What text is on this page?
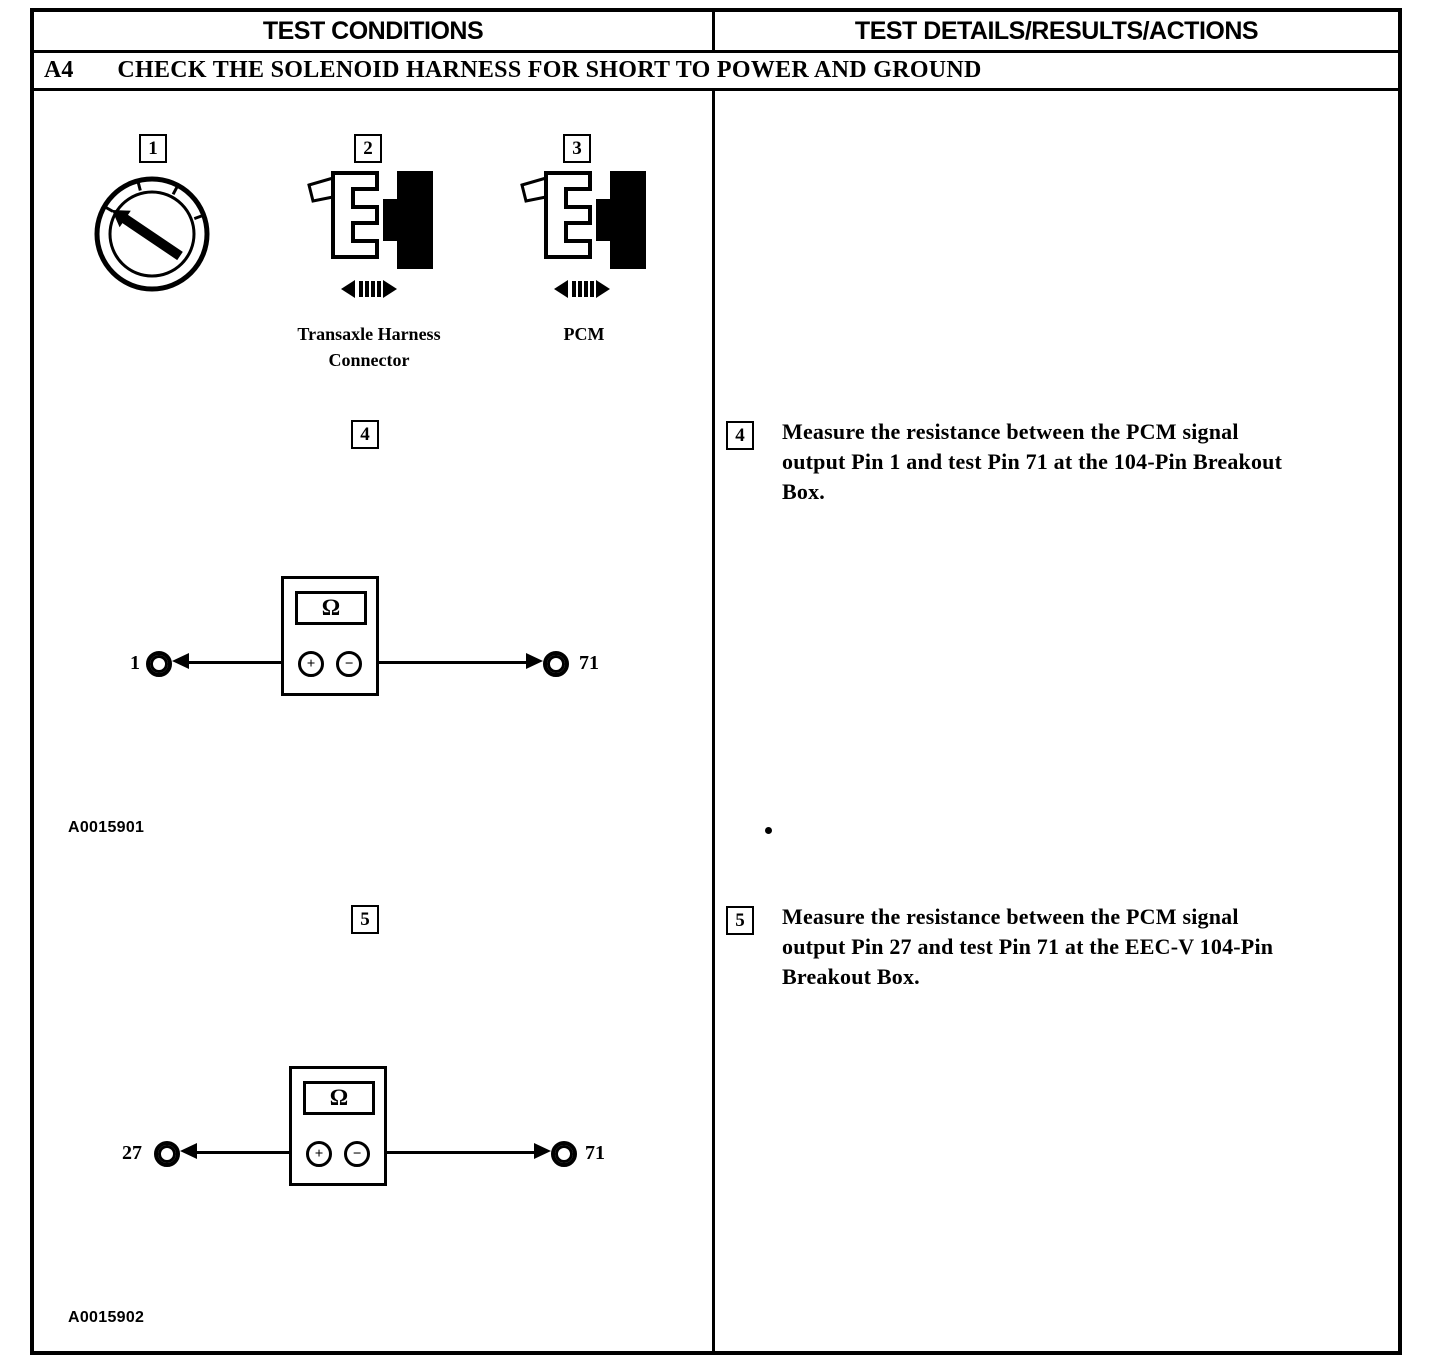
TEST CONDITIONS	TEST DETAILS/RESULTS/ACTIONS
A4 CHECK THE SOLENOID HARNESS FOR SHORT TO POWER AND GROUND
1	2	3
Transaxle Harness
Connector
PCM
4
Ω
+	−
1	71
A0015901
5
Ω
+	−
27	71
A0015902
4	Measure the resistance between the PCM signal
output Pin 1 and test Pin 71 at the 104-Pin Breakout
Box.
5	Measure the resistance between the PCM signal
output Pin 27 and test Pin 71 at the EEC-V 104-Pin
Breakout Box.
